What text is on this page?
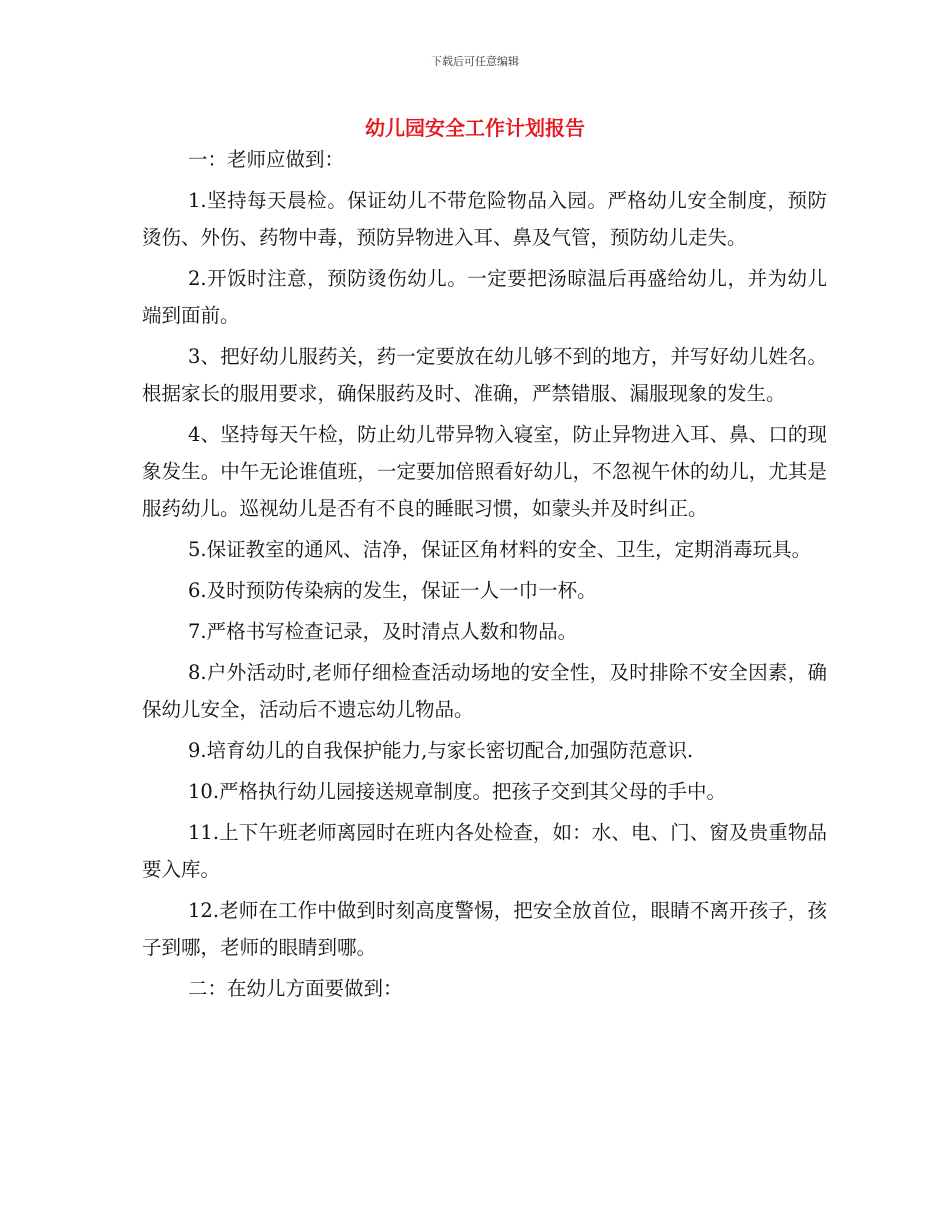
下载后可任意编辑
幼儿园安全工作计划报告

一：老师应做到：

1.坚持每天晨检。保证幼儿不带危险物品入园。严格幼儿安全制度，预防烫伤、外伤、药物中毒，预防异物进入耳、鼻及气管，预防幼儿走失。

2.开饭时注意，预防烫伤幼儿。一定要把汤晾温后再盛给幼儿，并为幼儿端到面前。

3、把好幼儿服药关，药一定要放在幼儿够不到的地方，并写好幼儿姓名。根据家长的服用要求，确保服药及时、准确，严禁错服、漏服现象的发生。

4、坚持每天午检，防止幼儿带异物入寝室，防止异物进入耳、鼻、口的现象发生。中午无论谁值班，一定要加倍照看好幼儿，不忽视午休的幼儿，尤其是服药幼儿。巡视幼儿是否有不良的睡眠习惯，如蒙头并及时纠正。

5.保证教室的通风、洁净，保证区角材料的安全、卫生，定期消毒玩具。

6.及时预防传染病的发生，保证一人一巾一杯。

7.严格书写检查记录，及时清点人数和物品。

8.户外活动时,老师仔细检查活动场地的安全性，及时排除不安全因素，确保幼儿安全，活动后不遗忘幼儿物品。

9.培育幼儿的自我保护能力,与家长密切配合,加强防范意识.

10.严格执行幼儿园接送规章制度。把孩子交到其父母的手中。

11.上下午班老师离园时在班内各处检查，如：水、电、门、窗及贵重物品要入库。

12.老师在工作中做到时刻高度警惕，把安全放首位，眼睛不离开孩子，孩子到哪，老师的眼睛到哪。

二：在幼儿方面要做到：
